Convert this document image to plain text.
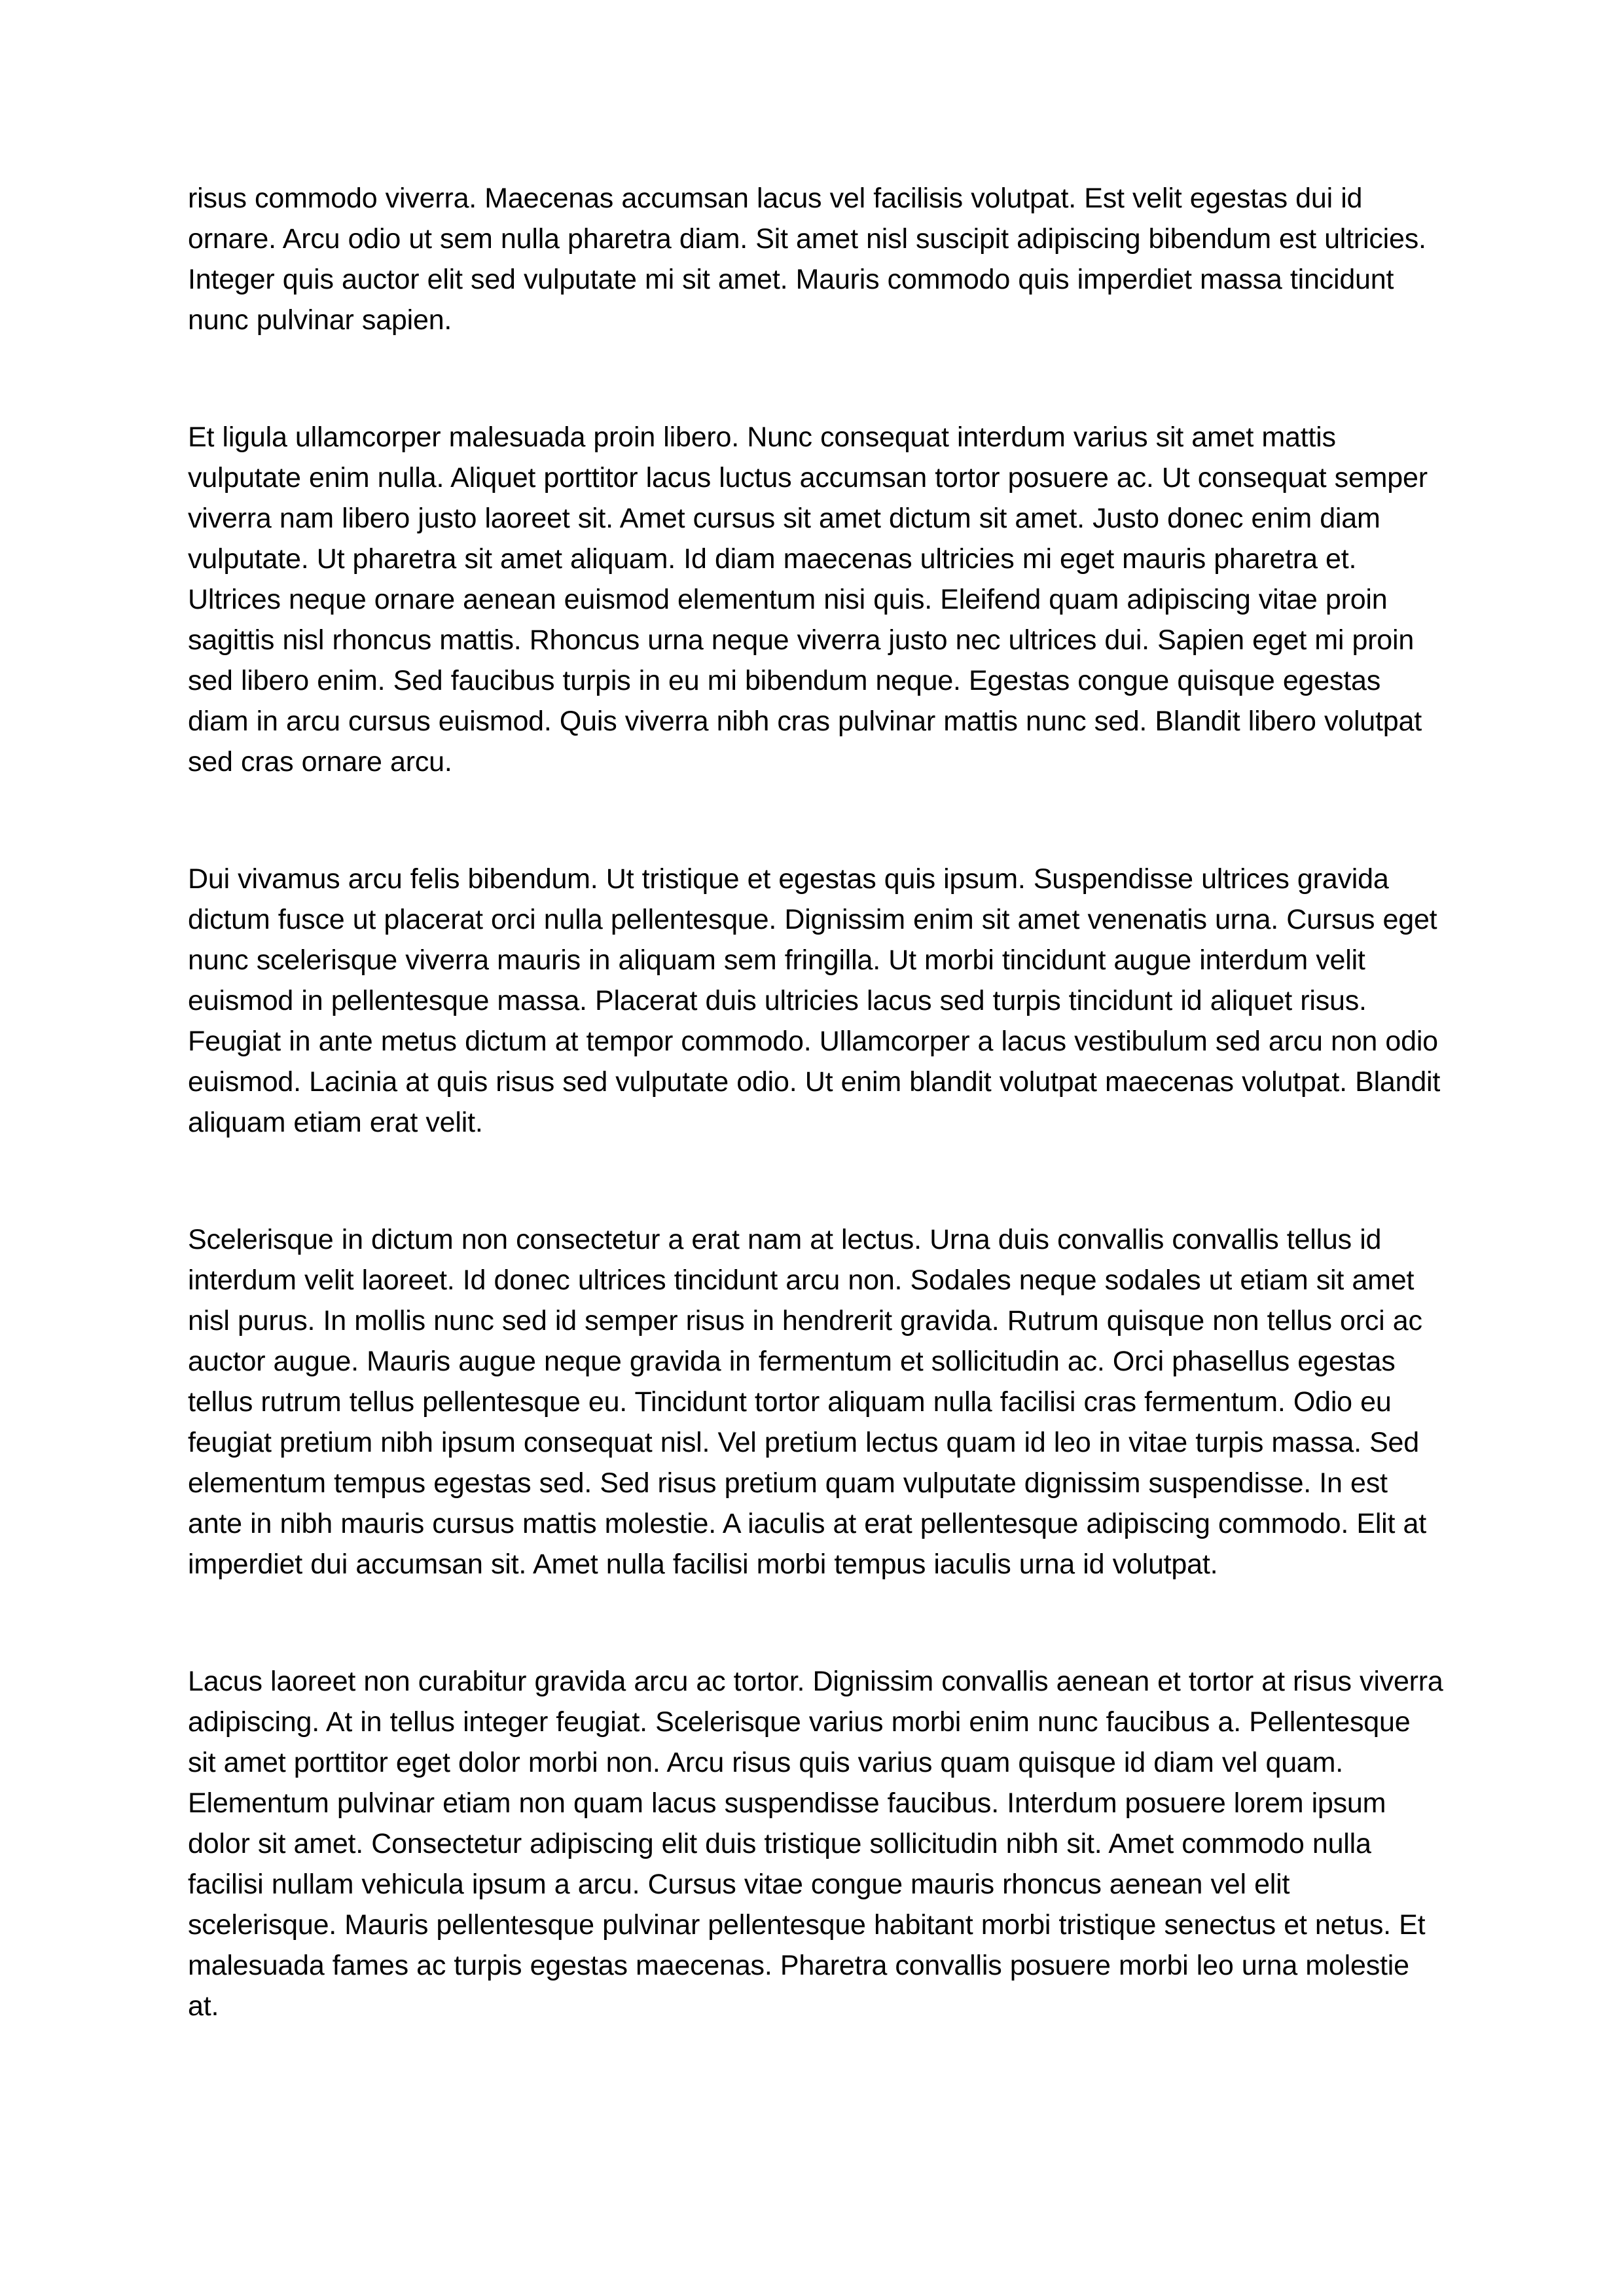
risus commodo viverra. Maecenas accumsan lacus vel facilisis volutpat. Est velit egestas dui id ornare. Arcu odio ut sem nulla pharetra diam. Sit amet nisl suscipit adipiscing bibendum est ultricies. Integer quis auctor elit sed vulputate mi sit amet. Mauris commodo quis imperdiet massa tincidunt nunc pulvinar sapien.

Et ligula ullamcorper malesuada proin libero. Nunc consequat interdum varius sit amet mattis vulputate enim nulla. Aliquet porttitor lacus luctus accumsan tortor posuere ac. Ut consequat semper viverra nam libero justo laoreet sit. Amet cursus sit amet dictum sit amet. Justo donec enim diam vulputate. Ut pharetra sit amet aliquam. Id diam maecenas ultricies mi eget mauris pharetra et. Ultrices neque ornare aenean euismod elementum nisi quis. Eleifend quam adipiscing vitae proin sagittis nisl rhoncus mattis. Rhoncus urna neque viverra justo nec ultrices dui. Sapien eget mi proin sed libero enim. Sed faucibus turpis in eu mi bibendum neque. Egestas congue quisque egestas diam in arcu cursus euismod. Quis viverra nibh cras pulvinar mattis nunc sed. Blandit libero volutpat sed cras ornare arcu.

Dui vivamus arcu felis bibendum. Ut tristique et egestas quis ipsum. Suspendisse ultrices gravida dictum fusce ut placerat orci nulla pellentesque. Dignissim enim sit amet venenatis urna. Cursus eget nunc scelerisque viverra mauris in aliquam sem fringilla. Ut morbi tincidunt augue interdum velit euismod in pellentesque massa. Placerat duis ultricies lacus sed turpis tincidunt id aliquet risus. Feugiat in ante metus dictum at tempor commodo. Ullamcorper a lacus vestibulum sed arcu non odio euismod. Lacinia at quis risus sed vulputate odio. Ut enim blandit volutpat maecenas volutpat. Blandit aliquam etiam erat velit.

Scelerisque in dictum non consectetur a erat nam at lectus. Urna duis convallis convallis tellus id interdum velit laoreet. Id donec ultrices tincidunt arcu non. Sodales neque sodales ut etiam sit amet nisl purus. In mollis nunc sed id semper risus in hendrerit gravida. Rutrum quisque non tellus orci ac auctor augue. Mauris augue neque gravida in fermentum et sollicitudin ac. Orci phasellus egestas tellus rutrum tellus pellentesque eu. Tincidunt tortor aliquam nulla facilisi cras fermentum. Odio eu feugiat pretium nibh ipsum consequat nisl. Vel pretium lectus quam id leo in vitae turpis massa. Sed elementum tempus egestas sed. Sed risus pretium quam vulputate dignissim suspendisse. In est ante in nibh mauris cursus mattis molestie. A iaculis at erat pellentesque adipiscing commodo. Elit at imperdiet dui accumsan sit. Amet nulla facilisi morbi tempus iaculis urna id volutpat.

Lacus laoreet non curabitur gravida arcu ac tortor. Dignissim convallis aenean et tortor at risus viverra adipiscing. At in tellus integer feugiat. Scelerisque varius morbi enim nunc faucibus a. Pellentesque sit amet porttitor eget dolor morbi non. Arcu risus quis varius quam quisque id diam vel quam. Elementum pulvinar etiam non quam lacus suspendisse faucibus. Interdum posuere lorem ipsum dolor sit amet. Consectetur adipiscing elit duis tristique sollicitudin nibh sit. Amet commodo nulla facilisi nullam vehicula ipsum a arcu. Cursus vitae congue mauris rhoncus aenean vel elit scelerisque. Mauris pellentesque pulvinar pellentesque habitant morbi tristique senectus et netus. Et malesuada fames ac turpis egestas maecenas. Pharetra convallis posuere morbi leo urna molestie at.
